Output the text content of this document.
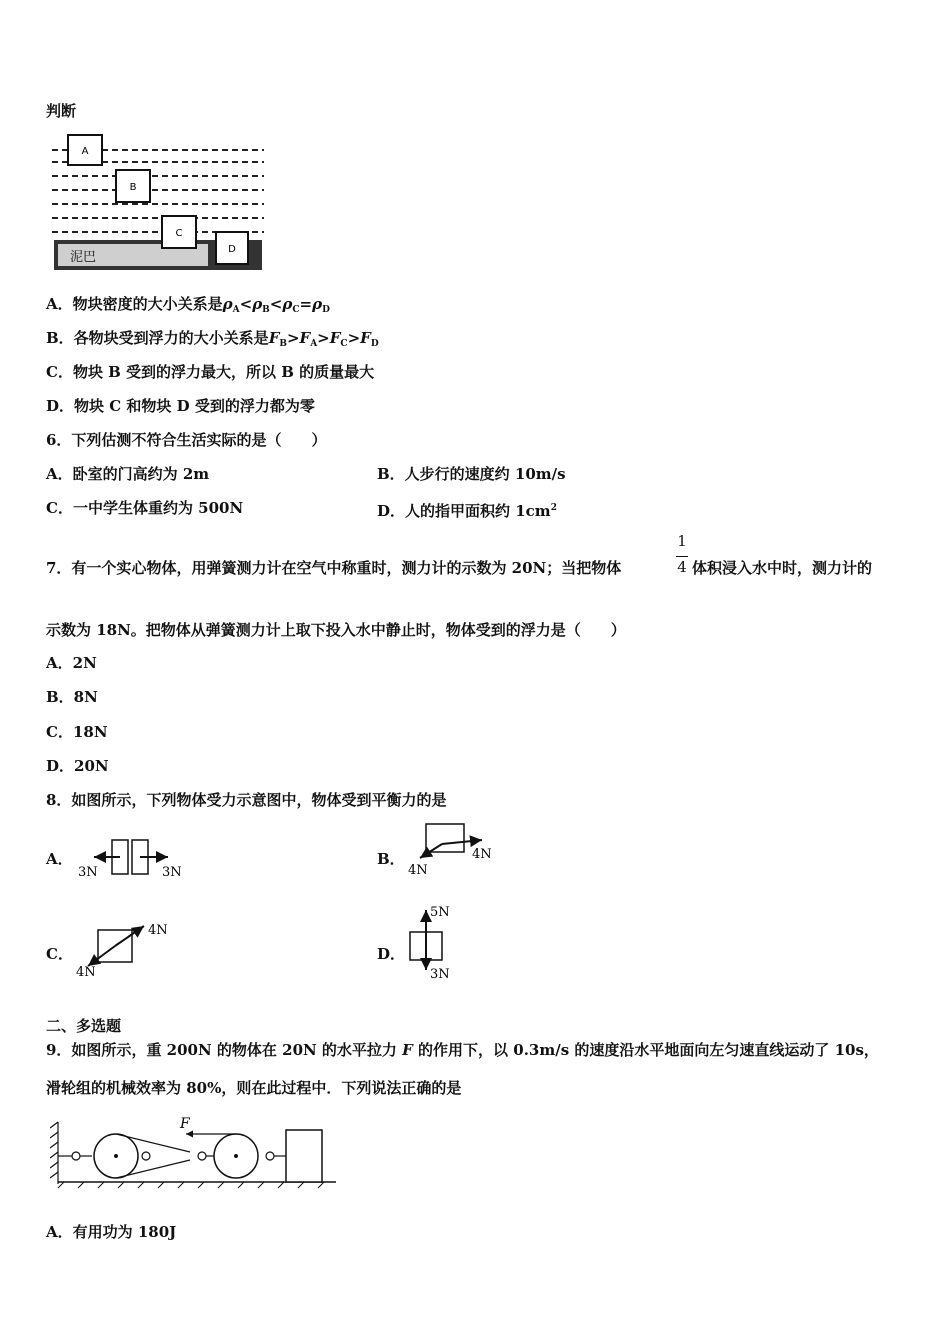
判断
A
B
泥巴
C
D
A．物块密度的大小关系是$\rho_A<\rho_B<\rho_C=\rho_D$
B．各物块受到浮力的大小关系是$F_B>F_A>F_C>F_D$
C．物块 B 受到的浮力最大，所以 B 的质量最大
D．物块 C 和物块 D 受到的浮力都为零
6．下列估测不符合生活实际的是（　　）
A．卧室的门高约为 2m	B．人步行的速度约 10m/s
C．一中学生体重约为 500N	D．人的指甲面积约 $1cm^2$
7．有一个实心物体，用弹簧测力计在空气中称重时，测力计的示数为 20N；当把物体
1
4 体积浸入水中时，测力计的
示数为 18N。把物体从弹簧测力计上取下投入水中静止时，物体受到的浮力是（　　）
A．2N
B．8N
C．18N
D．20N
8．如图所示，下列物体受力示意图中，物体受到平衡力的是
A．
3N	3N
B．
4N
4N
C．
4N
4N
D．
5N
3N
二、多选题
9．如图所示，重 200N 的物体在 20N 的水平拉力 F 的作用下，以 0.3m/s 的速度沿水平地面向左匀速直线运动了 10s，
滑轮组的机械效率为 80%，则在此过程中．下列说法正确的是
F
A．有用功为 180J
